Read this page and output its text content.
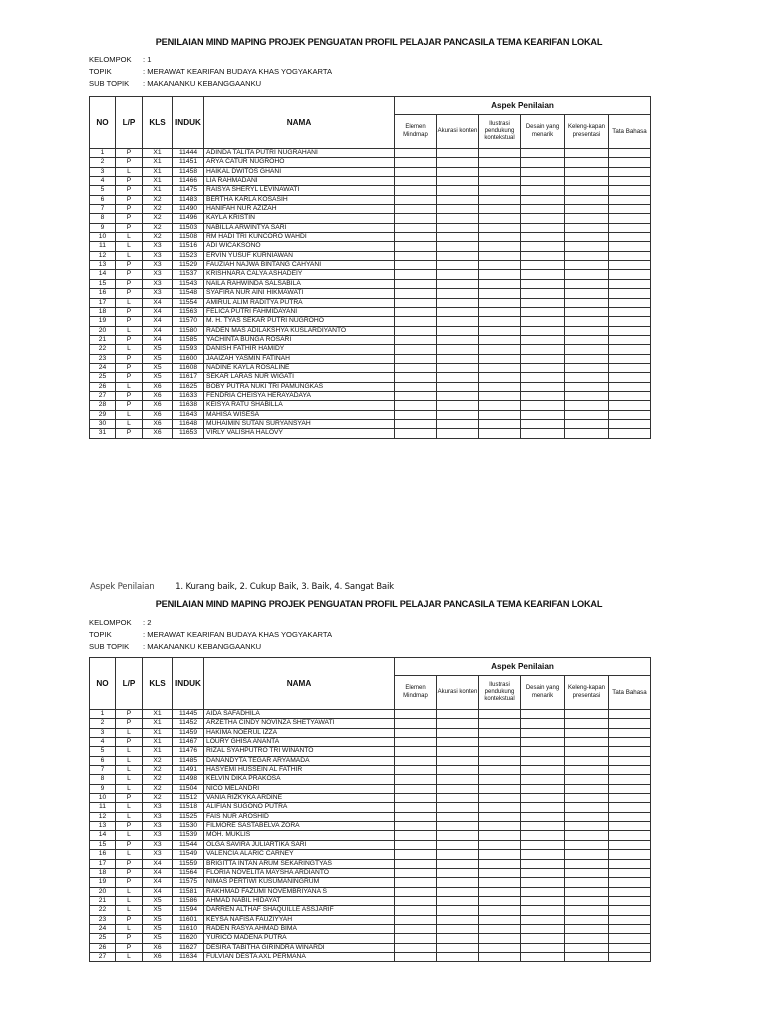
PENILAIAN MIND MAPING PROJEK PENGUATAN PROFIL PELAJAR PANCASILA TEMA KEARIFAN LOKAL
KELOMPOK : 1
TOPIK	: MERAWAT KEARIFAN BUDAYA KHAS YOGYAKARTA
SUB TOPIK : MAKANANKU KEBANGGAANKU
NO	L/P	KLS	INDUK	NAMA	Aspek Penilaian					
					Elemen Mindmap	Akurasi konten	Ilustrasi pendukung kontekstual	Desain yang menarik	Keleng-kapan presentasi	Tata Bahasa
1	P	X1	11444	ADINDA TALITA PUTRI NUGRAHANI						
2	P	X1	11451	ARYA CATUR NUGROHO						
3	L	X1	11458	HAIKAL DWITOS GHANI						
4	P	X1	11466	LIA RAHMADANI						
5	P	X1	11475	RAISYA SHERYL LEVINAWATI						
6	P	X2	11483	BERTHA KARLA KOSASIH						
7	P	X2	11490	HANIFAH NUR AZIZAH						
8	P	X2	11496	KAYLA KRISTIN						
9	P	X2	11503	NABILLA ARWINTYA SARI						
10	L	X2	11508	RM HADI TRI KUNCORO WAHDI						
11	L	X3	11516	ADI WICAKSONO						
12	L	X3	11523	ERVIN YUSUF KURNIAWAN						
13	P	X3	11529	FAUZIAH NAJWA BINTANG CAHYANI						
14	P	X3	11537	KRISHNARA CALYA ASHADEIY						
15	P	X3	11543	NAILA RAHWINDA SALSABILA						
16	P	X3	11548	SYAFIRA NUR AINI HIKMAWATI						
17	L	X4	11554	AMIRUL ALIM RADITYA PUTRA						
18	P	X4	11563	FELICA PUTRI FAHMIDAYANI						
19	P	X4	11570	M. H. TYAS SEKAR PUTRI NUGROHO						
20	L	X4	11580	RADEN MAS ADILAKSHYA KUSLARDIYANTO						
21	P	X4	11585	YACHINTA BUNGA ROSARI						
22	L	X5	11593	DANISH FATHIR HAMIDY						
23	P	X5	11600	JAAIZAH YASMIN FATINAH						
24	P	X5	11608	NADINE KAYLA ROSALINE						
25	P	X5	11617	SEKAR LARAS NUR WIGATI						
26	L	X6	11625	BOBY PUTRA NUKI TRI PAMUNGKAS						
27	P	X6	11633	FENDRIA CHEISYA HERAYADAYA						
28	P	X6	11638	KEISYA RATU SHABILLA						
29	L	X6	11643	MAHISA WISESA						
30	L	X6	11648	MUHAIMIN SUTAN SURYANSYAH						
31	P	X6	11653	VIRLY VALISHA HALOVY						
Aspek Penilaian 1. Kurang baik, 2. Cukup Baik, 3. Baik, 4. Sangat Baik
PENILAIAN MIND MAPING PROJEK PENGUATAN PROFIL PELAJAR PANCASILA TEMA KEARIFAN LOKAL
KELOMPOK : 2
TOPIK	: MERAWAT KEARIFAN BUDAYA KHAS YOGYAKARTA
SUB TOPIK : MAKANANKU KEBANGGAANKU
NO	L/P	KLS	INDUK	NAMA	Aspek Penilaian					
					Elemen Mindmap	Akurasi konten	Ilustrasi pendukung kontekstual	Desain yang menarik	Keleng-kapan presentasi	Tata Bahasa
1	P	X1	11445	AIDA SAFADHILA						
2	P	X1	11452	ARZETHA CINDY NOVINZA SHETYAWATI						
3	L	X1	11459	HAKIMA NOERUL IZZA						
4	P	X1	11467	LOURY GHISA ANANTA						
5	L	X1	11476	RIZAL SYAHPUTRO TRI WINANTO						
6	L	X2	11485	DANANDYTA TEGAR ARYAMADA						
7	L	X2	11491	HASYEMI HUSSEIN AL FATHIR						
8	L	X2	11498	KELVIN DIKA PRAKOSA						
9	L	X2	11504	NICO MELANDRI						
10	P	X2	11512	VANIA RIZKYKA ARDINE						
11	L	X3	11518	ALIFIAN SUGONO PUTRA						
12	L	X3	11525	FAIS NUR AROSHID						
13	P	X3	11530	FILMORE SASTABELVA ZORA						
14	L	X3	11539	MOH. MUKLIS						
15	P	X3	11544	OLGA SAVIRA JULIARTIKA SARI						
16	L	X3	11549	VALENCIA ALARIC CARNEY						
17	P	X4	11559	BRIGITTA INTAN ARUM SEKARINGTYAS						
18	P	X4	11564	FLORIA NOVELITA MAYSHA ARDIANTO						
19	P	X4	11575	NIMAS PERTIWI KUSUMANINGRUM						
20	L	X4	11581	RAKHMAD FAZUMI NOVEMBRIYANA S						
21	L	X5	11586	AHMAD NABIL HIDAYAT						
22	L	X5	11594	DARREN ALTHAF SHAQUILLE ASSJARIF						
23	P	X5	11601	KEYSA NAFISA FAUZIYYAH						
24	L	X5	11610	RADEN RASYA AHMAD BIMA						
25	P	X5	11620	YURICO MADENA PUTRA						
26	P	X6	11627	DESIRA TABITHA GIRINDRA WINARDI						
27	L	X6	11634	FULVIAN DESTA AXL PERMANA						
